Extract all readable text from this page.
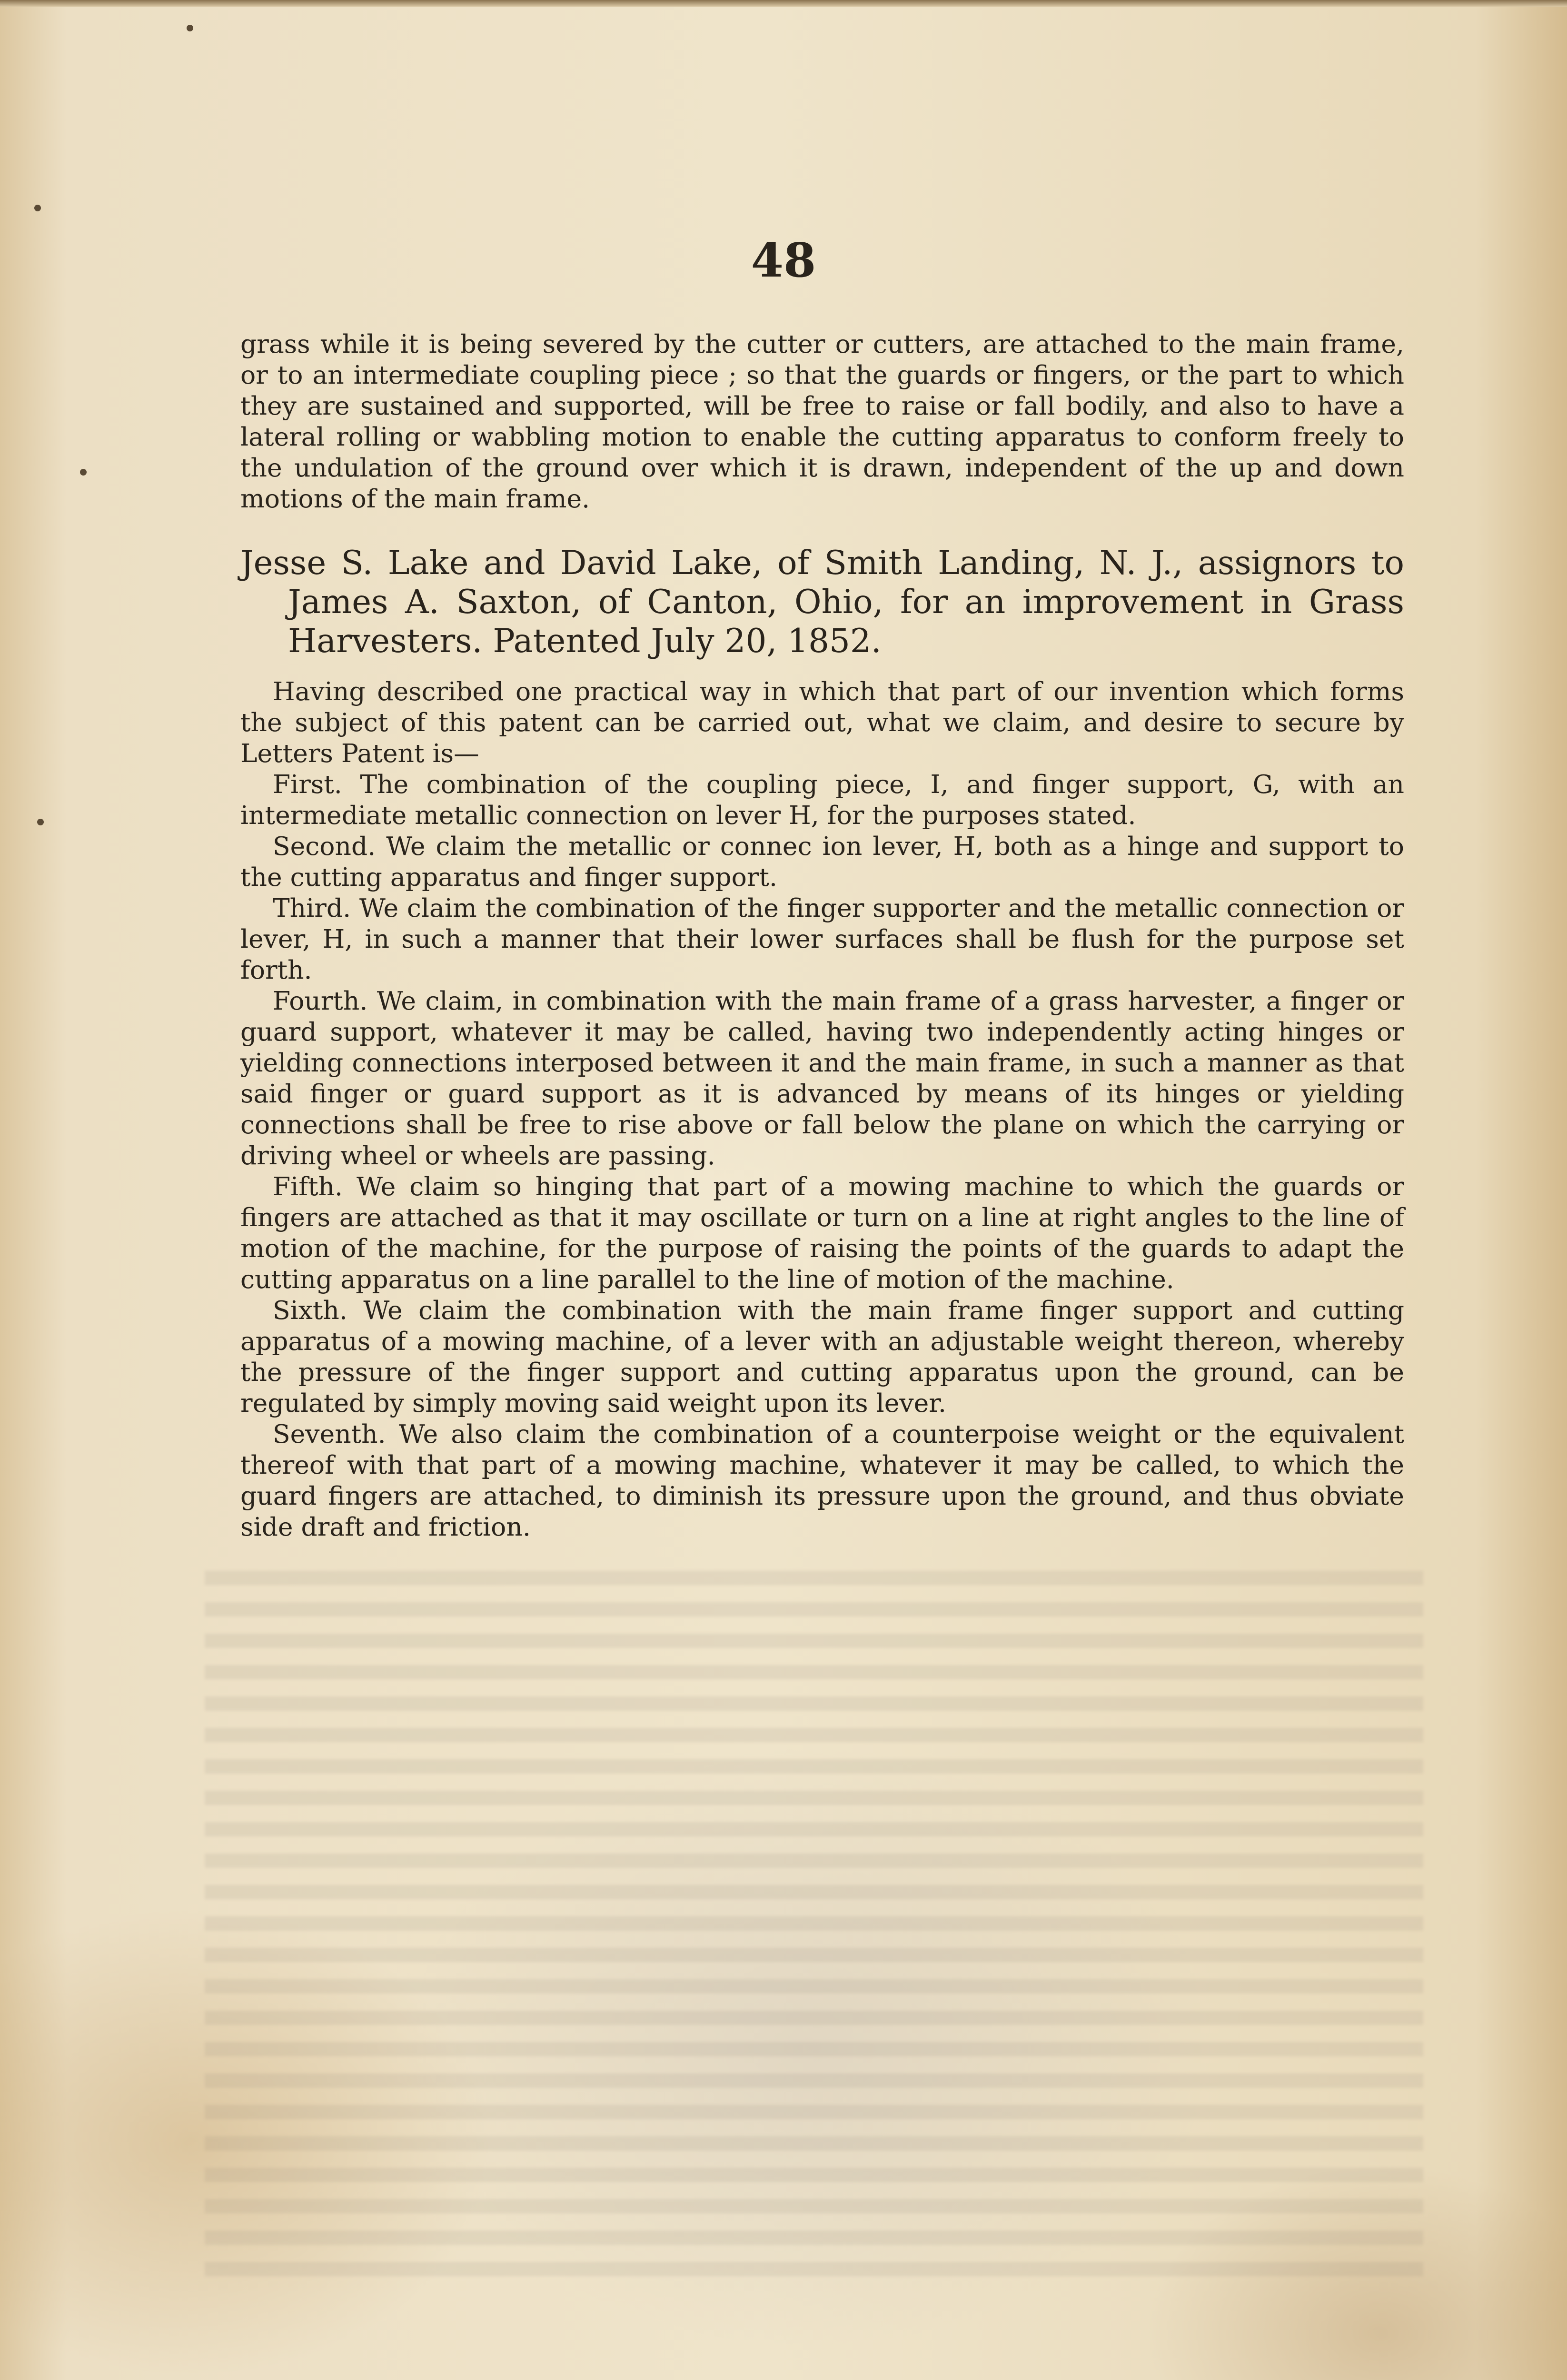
48

grass while it is being severed by the cutter or cutters, are attached to the main frame, or to an intermediate coupling piece ; so that the guards or fingers, or the part to which they are sustained and supported, will be free to raise or fall bodily, and also to have a lateral rolling or wabbling motion to enable the cutting apparatus to conform freely to the undulation of the ground over which it is drawn, independent of the up and down motions of the main frame.

Jesse S. Lake and David Lake, of Smith Landing, N. J., assignors to James A. Saxton, of Canton, Ohio, for an improvement in Grass Harvesters. Patented July 20, 1852.

Having described one practical way in which that part of our invention which forms the subject of this patent can be carried out, what we claim, and desire to secure by Letters Patent is—

First. The combination of the coupling piece, I, and finger support, G, with an intermediate metallic connection on lever H, for the purposes stated.

Second. We claim the metallic or connec ion lever, H, both as a hinge and support to the cutting apparatus and finger support.

Third. We claim the combination of the finger supporter and the metallic connection or lever, H, in such a manner that their lower surfaces shall be flush for the purpose set forth.

Fourth. We claim, in combination with the main frame of a grass harvester, a finger or guard support, whatever it may be called, having two independently acting hinges or yielding connections interposed between it and the main frame, in such a manner as that said finger or guard support as it is advanced by means of its hinges or yielding connections shall be free to rise above or fall below the plane on which the carrying or driving wheel or wheels are passing.

Fifth. We claim so hinging that part of a mowing machine to which the guards or fingers are attached as that it may oscillate or turn on a line at right angles to the line of motion of the machine, for the purpose of raising the points of the guards to adapt the cutting apparatus on a line parallel to the line of motion of the machine.

Sixth. We claim the combination with the main frame finger support and cutting apparatus of a mowing machine, of a lever with an adjustable weight thereon, whereby the pressure of the finger support and cutting apparatus upon the ground, can be regulated by simply moving said weight upon its lever.

Seventh. We also claim the combination of a counterpoise weight or the equivalent thereof with that part of a mowing machine, whatever it may be called, to which the guard fingers are attached, to diminish its pressure upon the ground, and thus obviate side draft and friction.
